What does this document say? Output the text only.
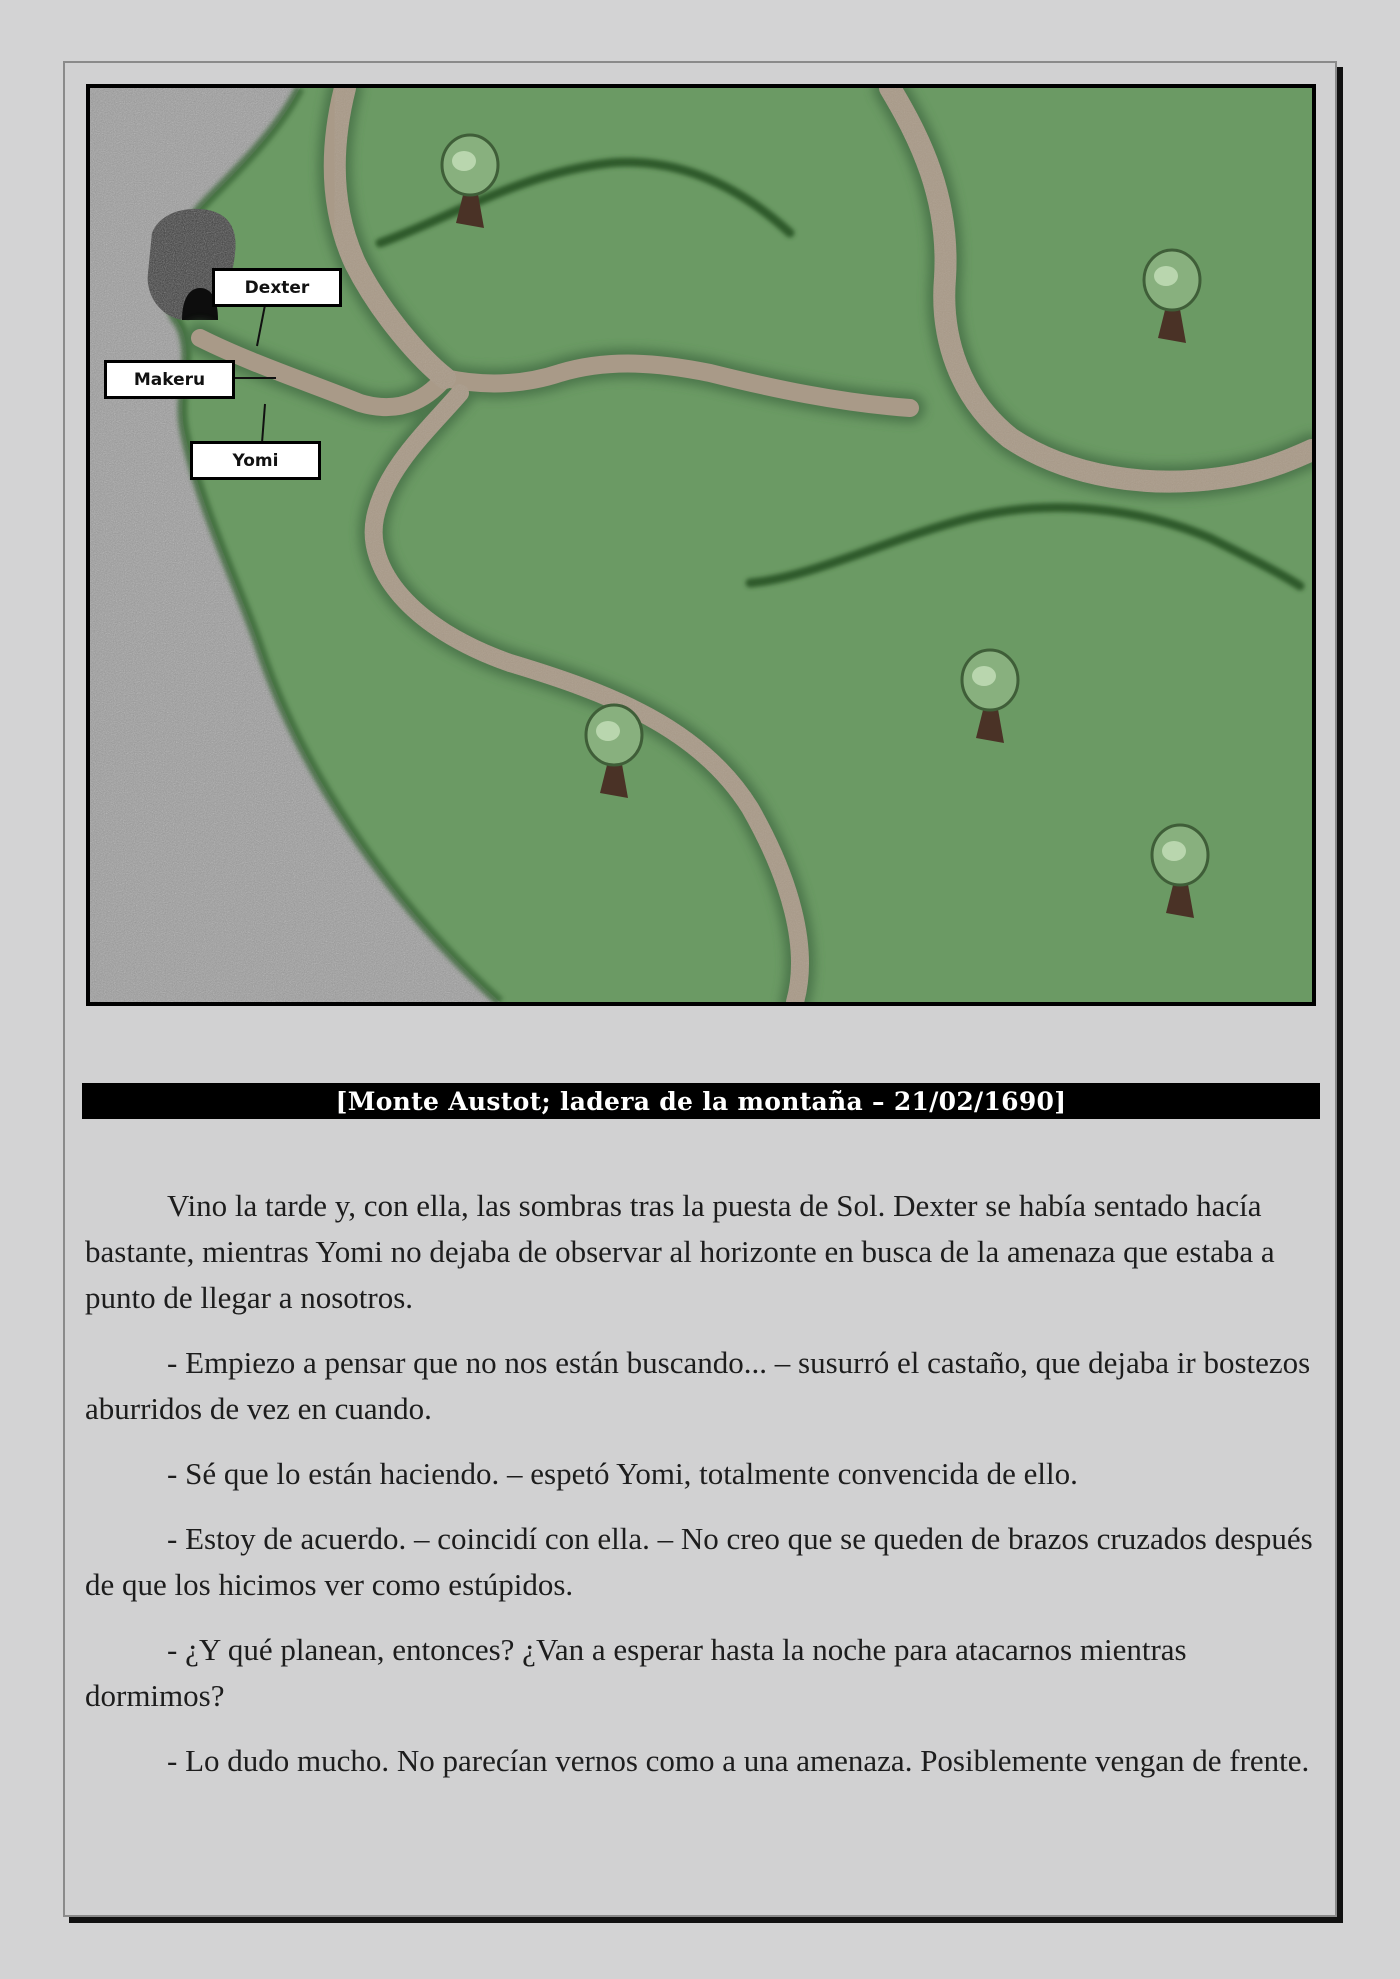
Dexter
Makeru
Yomi
[Monte Austot; ladera de la montaña – 21/02/1690]

Vino la tarde y, con ella, las sombras tras la puesta de Sol. Dexter se había sentado hacía bastante, mientras Yomi no dejaba de observar al horizonte en busca de la amenaza que estaba a punto de llegar a nosotros.

- Empiezo a pensar que no nos están buscando... – susurró el castaño, que dejaba ir bostezos aburridos de vez en cuando.

- Sé que lo están haciendo. – espetó Yomi, totalmente convencida de ello.

- Estoy de acuerdo. – coincidí con ella. – No creo que se queden de brazos cruzados después de que los hicimos ver como estúpidos.

- ¿Y qué planean, entonces? ¿Van a esperar hasta la noche para atacarnos mientras dormimos?

- Lo dudo mucho. No parecían vernos como a una amenaza. Posiblemente vengan de frente.
